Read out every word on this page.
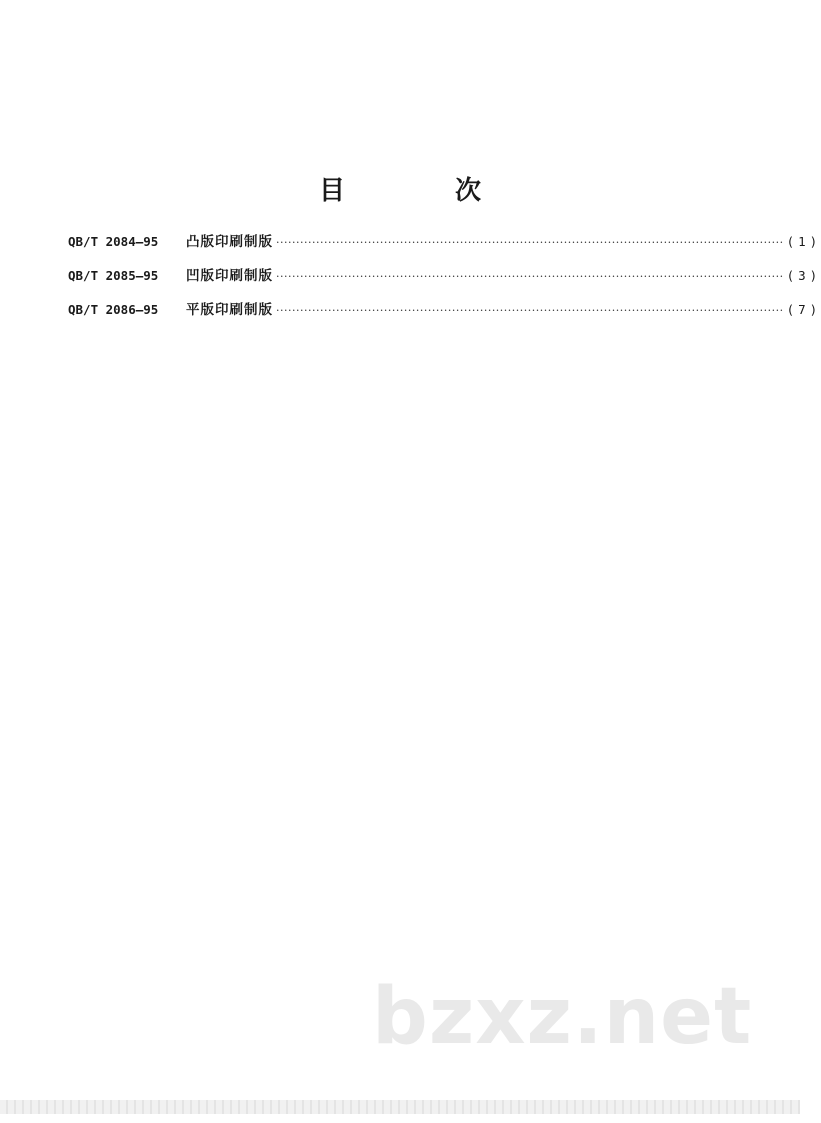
目　次
QB/T 2084—95	凸版印刷制版 ······························································································································· (1)
QB/T 2085—95	凹版印刷制版 ······························································································································· (3)
QB/T 2086—95	平版印刷制版 ······························································································································· (7)
bzxz.net
